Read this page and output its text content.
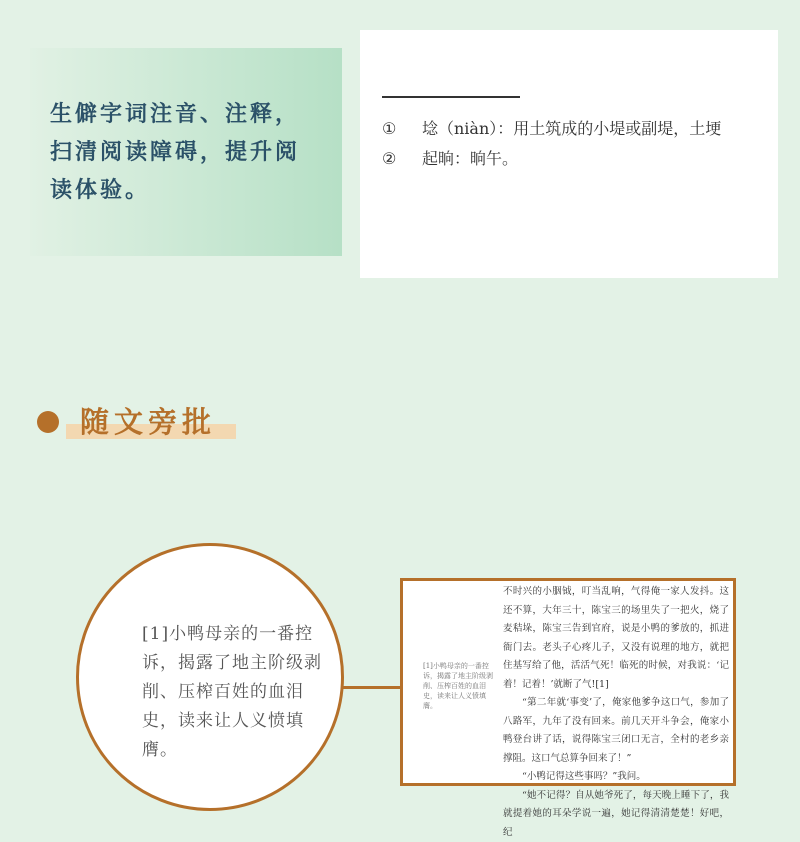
生僻字词注音、注释，扫清阅读障碍，提升阅读体验。
① 埝（niàn）：用土筑成的小堤或副堤，土埂
② 起晌：晌午。
随文旁批
[1]小鸭母亲的一番控诉，揭露了地主阶级剥削、压榨百姓的血泪史，读来让人义愤填膺。
[1]小鸭母亲的一番控诉，揭露了地主阶级剥削、压榨百姓的血泪史，读来让人义愤填膺。

不时兴的小胭钺，叮当乱响，气得俺一家人发抖。这还不算，大年三十，陈宝三的场里失了一把火，烧了麦秸垛，陈宝三告到官府，说是小鸭的爹放的，抓进衙门去。老头子心疼儿子，又没有说理的地方，就把住基写给了他，活活气死！临死的时候，对我说：‘记着！记着！’就断了气![1]

“第二年就‘事变’了，俺家他爹争这口气，参加了八路军，九年了没有回来。前几天开斗争会，俺家小鸭登台讲了话，说得陈宝三闭口无言，全村的老乡亲撑阻。这口气总算争回来了！”

“小鸭记得这些事吗？”我问。

“她不记得？自从她爷死了，每天晚上睡下了，我就提着她的耳朵学说一遍，她记得清清楚楚！好吧，纪
